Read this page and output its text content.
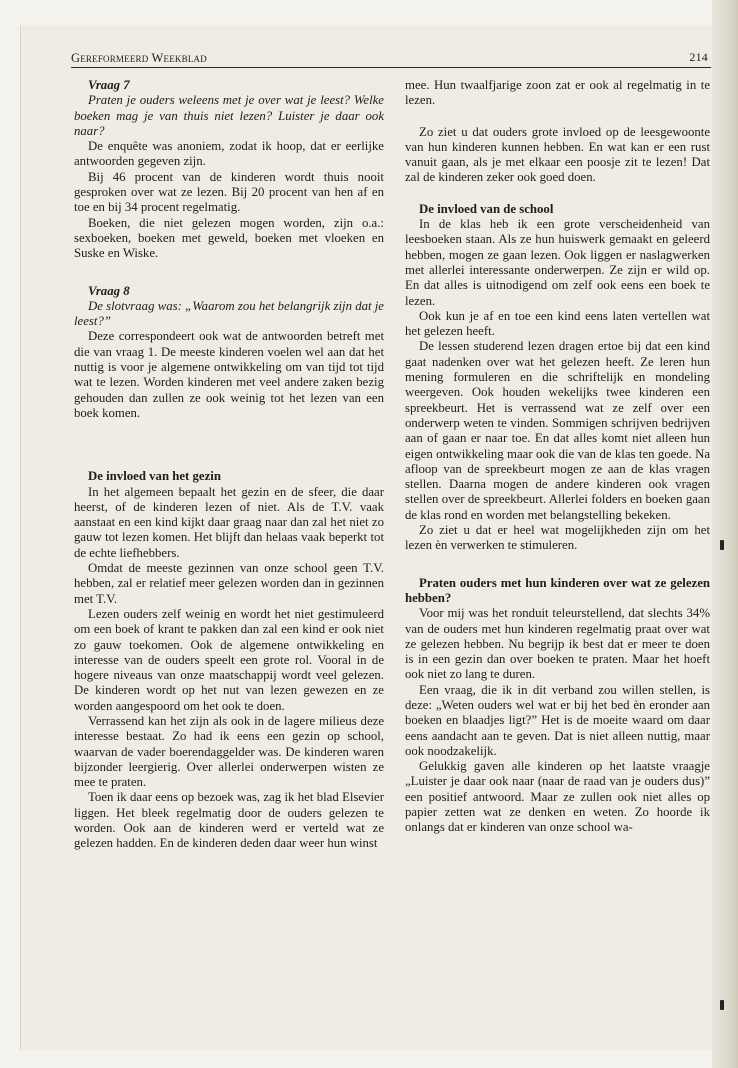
Gereformeerd Weekblad	214

Vraag 7

Praten je ouders weleens met je over wat je leest? Welke boeken mag je van thuis niet lezen? Luister je daar ook naar?

De enquête was anoniem, zodat ik hoop, dat er eerlijke antwoorden gegeven zijn.

Bij 46 procent van de kinderen wordt thuis nooit gesproken over wat ze lezen. Bij 20 procent van hen af en toe en bij 34 procent regelmatig.

Boeken, die niet gelezen mogen worden, zijn o.a.: sexboeken, boeken met geweld, boeken met vloeken en Suske en Wiske.

Vraag 8

De slotvraag was: „Waarom zou het belangrijk zijn dat je leest?”

Deze correspondeert ook wat de antwoorden betreft met die van vraag 1. De meeste kinderen voelen wel aan dat het nuttig is voor je algemene ontwikkeling om van tijd tot tijd wat te lezen. Worden kinderen met veel andere zaken bezig gehouden dan zullen ze ook weinig tot het lezen van een boek komen.

De invloed van het gezin

In het algemeen bepaalt het gezin en de sfeer, die daar heerst, of de kinderen lezen of niet. Als de T.V. vaak aanstaat en een kind kijkt daar graag naar dan zal het niet zo gauw tot lezen komen. Het blijft dan helaas vaak beperkt tot de echte liefhebbers.

Omdat de meeste gezinnen van onze school geen T.V. hebben, zal er relatief meer gelezen worden dan in gezinnen met T.V.

Lezen ouders zelf weinig en wordt het niet gestimuleerd om een boek of krant te pakken dan zal een kind er ook niet zo gauw toekomen. Ook de algemene ontwikkeling en interesse van de ouders speelt een grote rol. Vooral in de hogere niveaus van onze maatschappij wordt veel gelezen. De kinderen wordt op het nut van lezen gewezen en ze worden aangespoord om het ook te doen.

Verrassend kan het zijn als ook in de lagere milieus deze interesse bestaat. Zo had ik eens een gezin op school, waarvan de vader boerendaggelder was. De kinderen waren bijzonder leergierig. Over allerlei onderwerpen wisten ze mee te praten.

Toen ik daar eens op bezoek was, zag ik het blad Elsevier liggen. Het bleek regelmatig door de ouders gelezen te worden. Ook aan de kinderen werd er verteld wat ze gelezen hadden. En de kinderen deden daar weer hun winst

mee. Hun twaalfjarige zoon zat er ook al regelmatig in te lezen.

Zo ziet u dat ouders grote invloed op de leesgewoonte van hun kinderen kunnen hebben. En wat kan er een rust vanuit gaan, als je met elkaar een poosje zit te lezen! Dat zal de kinderen zeker ook goed doen.

De invloed van de school

In de klas heb ik een grote verscheidenheid van leesboeken staan. Als ze hun huiswerk gemaakt en geleerd hebben, mogen ze gaan lezen. Ook liggen er naslagwerken met allerlei interessante onderwerpen. Ze zijn er wild op. En dat alles is uitnodigend om zelf ook eens een boek te lezen.

Ook kun je af en toe een kind eens laten vertellen wat het gelezen heeft.

De lessen studerend lezen dragen ertoe bij dat een kind gaat nadenken over wat het gelezen heeft. Ze leren hun mening formuleren en die schriftelijk en mondeling weergeven. Ook houden wekelijks twee kinderen een spreekbeurt. Het is verrassend wat ze zelf over een onderwerp weten te vinden. Sommigen schrijven bedrijven aan of gaan er naar toe. En dat alles komt niet alleen hun eigen ontwikkeling maar ook die van de klas ten goede. Na afloop van de spreekbeurt mogen ze aan de klas vragen stellen. Daarna mogen de andere kinderen ook vragen stellen over de spreekbeurt. Allerlei folders en boeken gaan de klas rond en worden met belangstelling bekeken.

Zo ziet u dat er heel wat mogelijkheden zijn om het lezen èn verwerken te stimuleren.

Praten ouders met hun kinderen over wat ze gelezen hebben?

Voor mij was het ronduit teleurstellend, dat slechts 34% van de ouders met hun kinderen regelmatig praat over wat ze gelezen hebben. Nu begrijp ik best dat er meer te doen is in een gezin dan over boeken te praten. Maar het hoeft ook niet zo lang te duren.

Een vraag, die ik in dit verband zou willen stellen, is deze: „Weten ouders wel wat er bij het bed èn eronder aan boeken en blaadjes ligt?” Het is de moeite waard om daar eens aandacht aan te geven. Dat is niet alleen nuttig, maar ook noodzakelijk.

Gelukkig gaven alle kinderen op het laatste vraagje „Luister je daar ook naar (naar de raad van je ouders dus)” een positief antwoord. Maar ze zullen ook niet alles op papier zetten wat ze denken en weten. Zo hoorde ik onlangs dat er kinderen van onze school wa-
